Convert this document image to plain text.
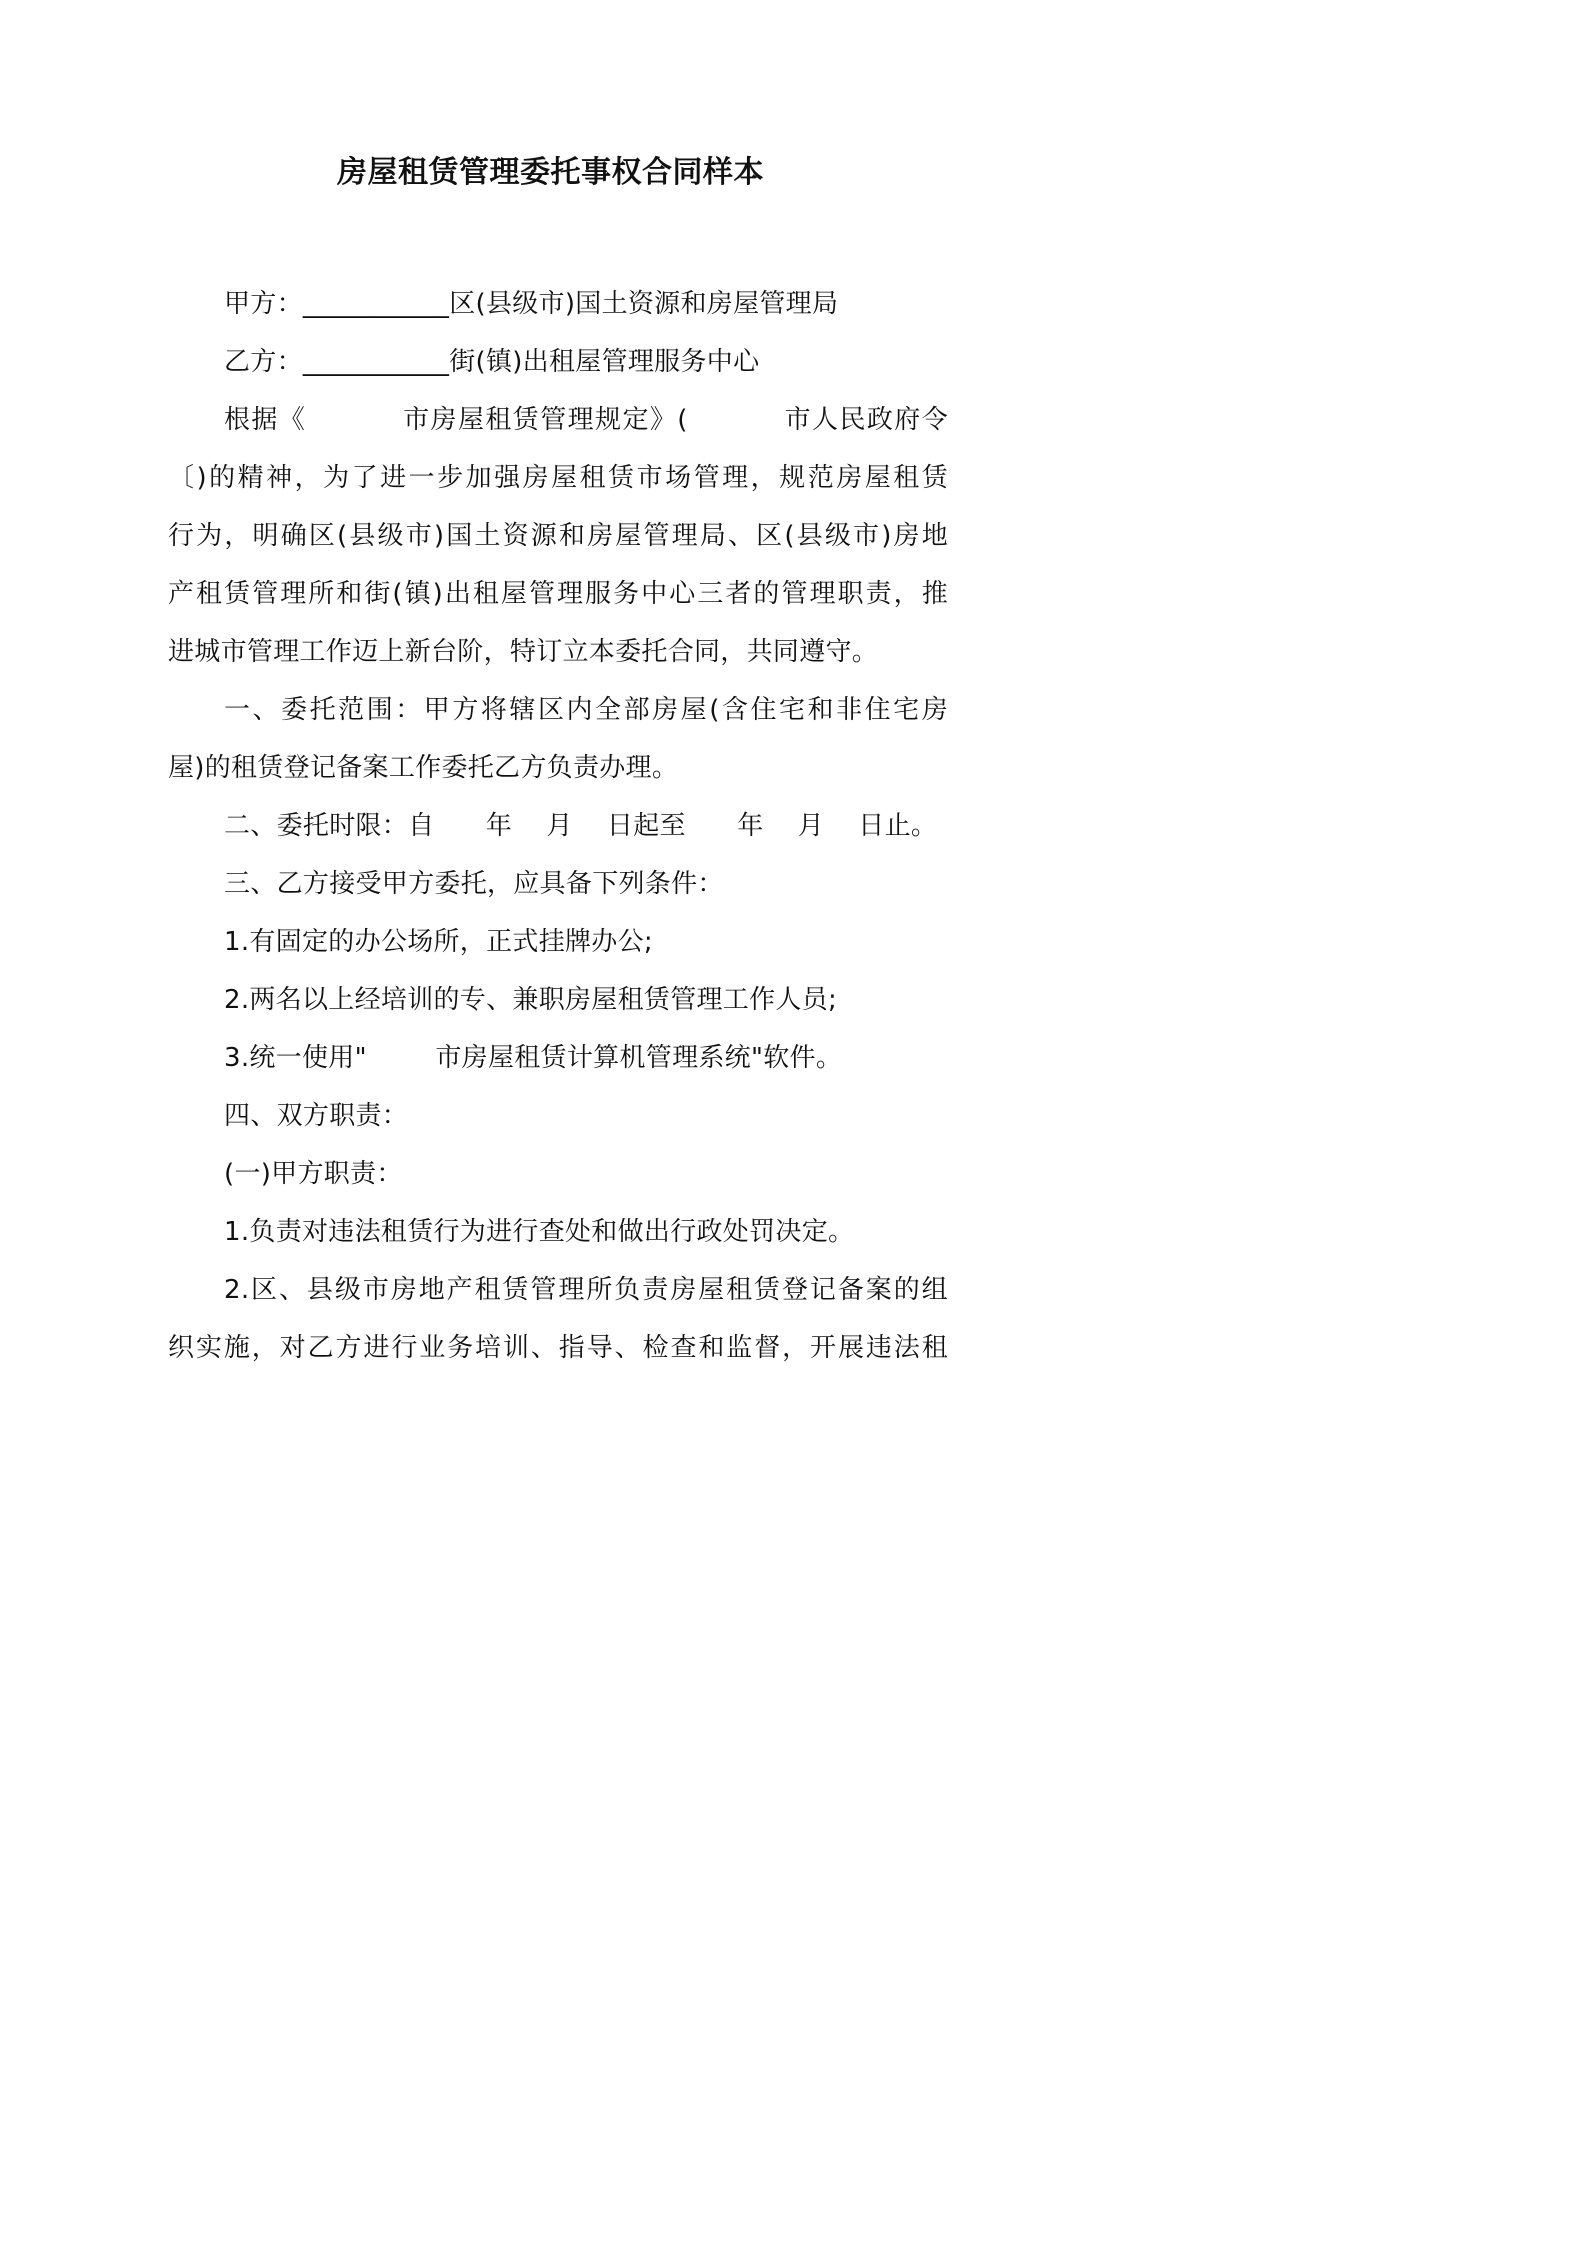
房屋租赁管理委托事权合同样本
甲方：___________区(县级市)国土资源和房屋管理局
乙方：___________街(镇)出租屋管理服务中心
根据《          市房屋租赁管理规定》(          市人民政府令
〔)的精神，为了进一步加强房屋租赁市场管理，规范房屋租赁
行为，明确区(县级市)国土资源和房屋管理局、区(县级市)房地
产租赁管理所和街(镇)出租屋管理服务中心三者的管理职责，推
进城市管理工作迈上新台阶，特订立本委托合同，共同遵守。
一、委托范围：甲方将辖区内全部房屋(含住宅和非住宅房
屋)的租赁登记备案工作委托乙方负责办理。
二、委托时限：自      年    月    日起至      年    月    日止。
三、乙方接受甲方委托，应具备下列条件：
1.有固定的办公场所，正式挂牌办公;
2.两名以上经培训的专、兼职房屋租赁管理工作人员;
3.统一使用"        市房屋租赁计算机管理系统"软件。
四、双方职责：
(一)甲方职责：
1.负责对违法租赁行为进行查处和做出行政处罚决定。
2.区、县级市房地产租赁管理所负责房屋租赁登记备案的组
织实施，对乙方进行业务培训、指导、检查和监督，开展违法租
